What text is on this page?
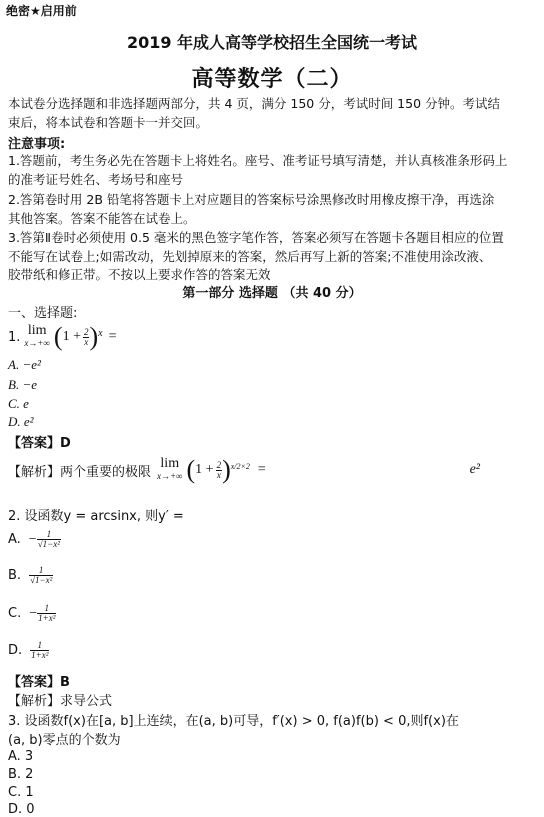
绝密★启用前
2019 年成人高等学校招生全国统一考试
高等数学（二）
本试卷分选择题和非选择题两部分，共 4 页，满分 150 分，考试时间 150 分钟。考试结
束后，将本试卷和答题卡一并交回。
注意事项:
1.答题前，考生务必先在答题卡上将姓名。座号、准考证号填写清楚，并认真核准条形码上
的准考证号姓名、考场号和座号
2.答第卷时用 2B 铅笔将答题卡上对应题目的答案标号涂黑修改时用橡皮擦干净，再选涂
其他答案。答案不能答在试卷上。
3.答第Ⅱ卷时必须使用 0.5 毫米的黑色签字笔作答，答案必须写在答题卡各题目相应的位置
不能写在试卷上;如需改动，先划掉原来的答案，然后再写上新的答案;不准使用涂改液、
胶带纸和修正带。不按以上要求作答的答案无效
第一部分 选择题 （共 40 分）
一、选择题:
1. lim
x→+∞ ( $1 + \frac{2}{x}$ ) x =
A. −e²
B. −e
C. e
D. e²
【答案】D
【解析】两个重要的极限
lim
x→+∞ ( $1 + \frac{2}{x}$ ) x/2×2 =	e²
2. 设函数y = arcsinx, 则y′ =
A. − $\frac{1}{\text{√1−x²}}$
B. $\frac{1}{\text{√1−x²}}$
C. − $\frac{1}{\text{1+x²}}$
D. $\frac{1}{\text{1+x²}}$
【答案】B
【解析】求导公式
3. 设函数f(x)在[a, b]上连续，在(a, b)可导，f′(x) > 0, f(a)f(b) < 0,则f(x)在
(a, b)零点的个数为
A. 3
B. 2
C. 1
D. 0
